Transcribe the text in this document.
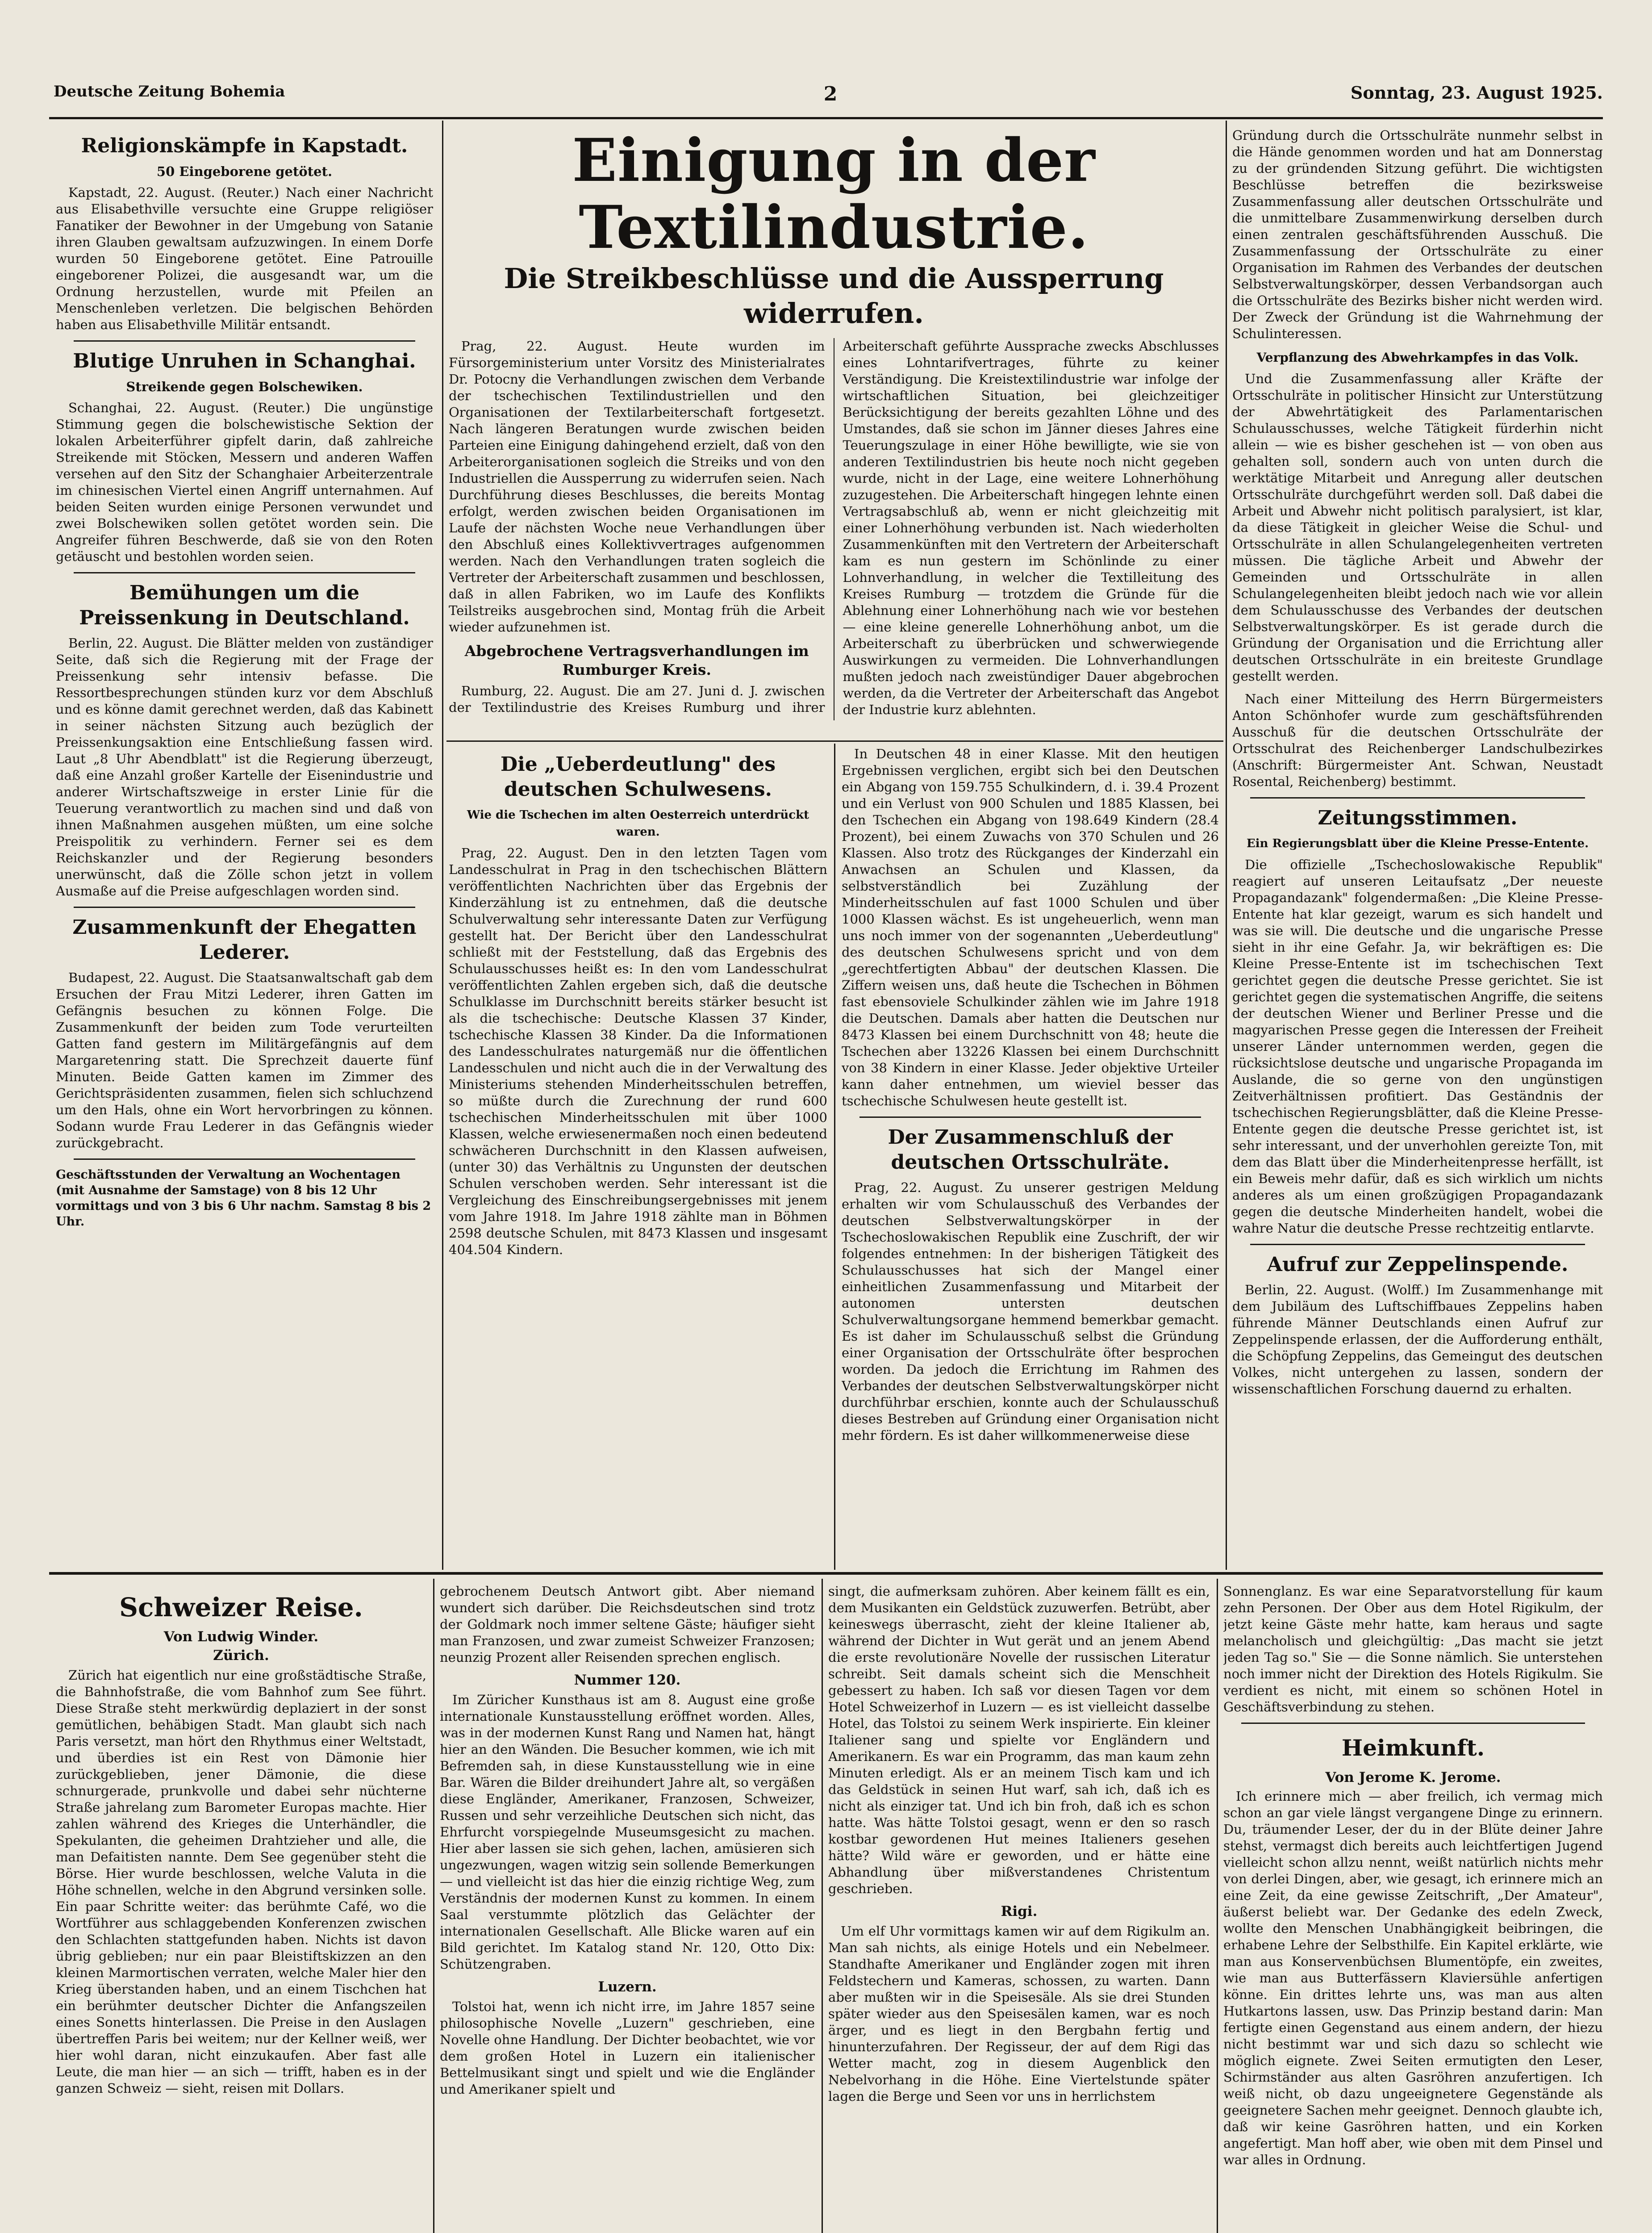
Deutsche Zeitung Bohemia	2	Sonntag, 23. August 1925.
Religionskämpfe in Kapstadt.
50 Eingeborene getötet.

Kapstadt, 22. August. (Reuter.) Nach einer Nachricht aus Elisabethville versuchte eine Gruppe religiöser Fanatiker der Bewohner in der Umgebung von Satanie ihren Glauben gewaltsam aufzuzwingen. In einem Dorfe wurden 50 Eingeborene getötet. Eine Patrouille eingeborener Polizei, die ausgesandt war, um die Ordnung herzustellen, wurde mit Pfeilen an Menschenleben verletzen. Die belgischen Behörden haben aus Elisabethville Militär entsandt.

Blutige Unruhen in Schanghai.
Streikende gegen Bolschewiken.

Schanghai, 22. August. (Reuter.) Die ungünstige Stimmung gegen die bolschewistische Sektion der lokalen Arbeiterführer gipfelt darin, daß zahlreiche Streikende mit Stöcken, Messern und anderen Waffen versehen auf den Sitz der Schanghaier Arbeiterzentrale im chinesischen Viertel einen Angriff unternahmen. Auf beiden Seiten wurden einige Personen verwundet und zwei Bolschewiken sollen getötet worden sein. Die Angreifer führen Beschwerde, daß sie von den Roten getäuscht und bestohlen worden seien.

Bemühungen um die Preissenkung in Deutschland.

Berlin, 22. August. Die Blätter melden von zuständiger Seite, daß sich die Regierung mit der Frage der Preissenkung sehr intensiv befasse. Die Ressortbesprechungen stünden kurz vor dem Abschluß und es könne damit gerechnet werden, daß das Kabinett in seiner nächsten Sitzung auch bezüglich der Preissenkungsaktion eine Entschließung fassen wird. Laut „8 Uhr Abendblatt" ist die Regierung überzeugt, daß eine Anzahl großer Kartelle der Eisenindustrie und anderer Wirtschaftszweige in erster Linie für die Teuerung verantwortlich zu machen sind und daß von ihnen Maßnahmen ausgehen müßten, um eine solche Preispolitik zu verhindern. Ferner sei es dem Reichskanzler und der Regierung besonders unerwünscht, daß die Zölle schon jetzt in vollem Ausmaße auf die Preise aufgeschlagen worden sind.

Zusammenkunft der Ehegatten Lederer.

Budapest, 22. August. Die Staatsanwaltschaft gab dem Ersuchen der Frau Mitzi Lederer, ihren Gatten im Gefängnis besuchen zu können Folge. Die Zusammenkunft der beiden zum Tode verurteilten Gatten fand gestern im Militärgefängnis auf dem Margaretenring statt. Die Sprechzeit dauerte fünf Minuten. Beide Gatten kamen im Zimmer des Gerichtspräsidenten zusammen, fielen sich schluchzend um den Hals, ohne ein Wort hervorbringen zu können. Sodann wurde Frau Lederer in das Gefängnis wieder zurückgebracht.

Geschäftsstunden der Verwaltung an Wochentagen (mit Ausnahme der Samstage) von 8 bis 12 Uhr vormittags und von 3 bis 6 Uhr nachm. Samstag 8 bis 2 Uhr.
Einigung in der Textilindustrie.
Die Streikbeschlüsse und die Aussperrung widerrufen.

Prag, 22. August. Heute wurden im Fürsorgeministerium unter Vorsitz des Ministerialrates Dr. Potocny die Verhandlungen zwischen dem Verbande der tschechischen Textilindustriellen und den Organisationen der Textilarbeiterschaft fortgesetzt. Nach längeren Beratungen wurde zwischen beiden Parteien eine Einigung dahingehend erzielt, daß von den Arbeiterorganisationen sogleich die Streiks und von den Industriellen die Aussperrung zu widerrufen seien. Nach Durchführung dieses Beschlusses, die bereits Montag erfolgt, werden zwischen beiden Organisationen im Laufe der nächsten Woche neue Verhandlungen über den Abschluß eines Kollektivvertrages aufgenommen werden. Nach den Verhandlungen traten sogleich die Vertreter der Arbeiterschaft zusammen und beschlossen, daß in allen Fabriken, wo im Laufe des Konflikts Teilstreiks ausgebrochen sind, Montag früh die Arbeit wieder aufzunehmen ist.

Abgebrochene Vertragsverhandlungen im Rumburger Kreis.

Rumburg, 22. August. Die am 27. Juni d. J. zwischen der Textilindustrie des Kreises Rumburg und ihrer Arbeiterschaft geführte Aussprache zwecks Abschlusses eines Lohntarifvertrages, führte zu keiner Verständigung. Die Kreistextilindustrie war infolge der wirtschaftlichen Situation, bei gleichzeitiger Berücksichtigung der bereits gezahlten Löhne und des Umstandes, daß sie schon im Jänner dieses Jahres eine Teuerungszulage in einer Höhe bewilligte, wie sie von anderen Textilindustrien bis heute noch nicht gegeben wurde, nicht in der Lage, eine weitere Lohnerhöhung zuzugestehen. Die Arbeiterschaft hingegen lehnte einen Vertragsabschluß ab, wenn er nicht gleichzeitig mit einer Lohnerhöhung verbunden ist. Nach wiederholten Zusammenkünften mit den Vertretern der Arbeiterschaft kam es nun gestern im Schönlinde zu einer Lohnverhandlung, in welcher die Textilleitung des Kreises Rumburg — trotzdem die Gründe für die Ablehnung einer Lohnerhöhung nach wie vor bestehen — eine kleine generelle Lohnerhöhung anbot, um die Arbeiterschaft zu überbrücken und schwerwiegende Auswirkungen zu vermeiden. Die Lohnverhandlungen mußten jedoch nach zweistündiger Dauer abgebrochen werden, da die Vertreter der Arbeiterschaft das Angebot der Industrie kurz ablehnten.

Die „Ueberdeutlung" des deutschen Schulwesens.
Wie die Tschechen im alten Oesterreich unterdrückt waren.

Prag, 22. August. Den in den letzten Tagen vom Landesschulrat in Prag in den tschechischen Blättern veröffentlichten Nachrichten über das Ergebnis der Kinderzählung ist zu entnehmen, daß die deutsche Schulverwaltung sehr interessante Daten zur Verfügung gestellt hat. Der Bericht über den Landesschulrat schließt mit der Feststellung, daß das Ergebnis des Schulausschusses heißt es: In den vom Landesschulrat veröffentlichten Zahlen ergeben sich, daß die deutsche Schulklasse im Durchschnitt bereits stärker besucht ist als die tschechische: Deutsche Klassen 37 Kinder, tschechische Klassen 38 Kinder. Da die Informationen des Landesschulrates naturgemäß nur die öffentlichen Landesschulen und nicht auch die in der Verwaltung des Ministeriums stehenden Minderheitsschulen betreffen, so müßte durch die Zurechnung der rund 600 tschechischen Minderheitsschulen mit über 1000 Klassen, welche erwiesenermaßen noch einen bedeutend schwächeren Durchschnitt in den Klassen aufweisen, (unter 30) das Verhältnis zu Ungunsten der deutschen Schulen verschoben werden. Sehr interessant ist die Vergleichung des Einschreibungsergebnisses mit jenem vom Jahre 1918. Im Jahre 1918 zählte man in Böhmen 2598 deutsche Schulen, mit 8473 Klassen und insgesamt 404.504 Kindern.

In Deutschen 48 in einer Klasse. Mit den heutigen Ergebnissen verglichen, ergibt sich bei den Deutschen ein Abgang von 159.755 Schulkindern, d. i. 39.4 Prozent und ein Verlust von 900 Schulen und 1885 Klassen, bei den Tschechen ein Abgang von 198.649 Kindern (28.4 Prozent), bei einem Zuwachs von 370 Schulen und 26 Klassen. Also trotz des Rückganges der Kinderzahl ein Anwachsen an Schulen und Klassen, da selbstverständlich bei Zuzählung der Minderheitsschulen auf fast 1000 Schulen und über 1000 Klassen wächst. Es ist ungeheuerlich, wenn man uns noch immer von der sogenannten „Ueberdeutlung" des deutschen Schulwesens spricht und von dem „gerechtfertigten Abbau" der deutschen Klassen. Die Ziffern weisen uns, daß heute die Tschechen in Böhmen fast ebensoviele Schulkinder zählen wie im Jahre 1918 die Deutschen. Damals aber hatten die Deutschen nur 8473 Klassen bei einem Durchschnitt von 48; heute die Tschechen aber 13226 Klassen bei einem Durchschnitt von 38 Kindern in einer Klasse. Jeder objektive Urteiler kann daher entnehmen, um wieviel besser das tschechische Schulwesen heute gestellt ist.

Der Zusammenschluß der deutschen Ortsschulräte.

Prag, 22. August. Zu unserer gestrigen Meldung erhalten wir vom Schulausschuß des Verbandes der deutschen Selbstverwaltungskörper in der Tschechoslowakischen Republik eine Zuschrift, der wir folgendes entnehmen: In der bisherigen Tätigkeit des Schulausschusses hat sich der Mangel einer einheitlichen Zusammenfassung und Mitarbeit der autonomen untersten deutschen Schulverwaltungsorgane hemmend bemerkbar gemacht. Es ist daher im Schulausschuß selbst die Gründung einer Organisation der Ortsschulräte öfter besprochen worden. Da jedoch die Errichtung im Rahmen des Verbandes der deutschen Selbstverwaltungskörper nicht durchführbar erschien, konnte auch der Schulausschuß dieses Bestreben auf Gründung einer Organisation nicht mehr fördern. Es ist daher willkommenerweise diese

Gründung durch die Ortsschulräte nunmehr selbst in die Hände genommen worden und hat am Donnerstag zu der gründenden Sitzung geführt. Die wichtigsten Beschlüsse betreffen die bezirksweise Zusammenfassung aller deutschen Ortsschulräte und die unmittelbare Zusammenwirkung derselben durch einen zentralen geschäftsführenden Ausschuß. Die Zusammenfassung der Ortsschulräte zu einer Organisation im Rahmen des Verbandes der deutschen Selbstverwaltungskörper, dessen Verbandsorgan auch die Ortsschulräte des Bezirks bisher nicht werden wird. Der Zweck der Gründung ist die Wahrnehmung der Schulinteressen.

Verpflanzung des Abwehrkampfes in das Volk.

Und die Zusammenfassung aller Kräfte der Ortsschulräte in politischer Hinsicht zur Unterstützung der Abwehrtätigkeit des Parlamentarischen Schulausschusses, welche Tätigkeit fürderhin nicht allein — wie es bisher geschehen ist — von oben aus gehalten soll, sondern auch von unten durch die werktätige Mitarbeit und Anregung aller deutschen Ortsschulräte durchgeführt werden soll. Daß dabei die Arbeit und Abwehr nicht politisch paralysiert, ist klar, da diese Tätigkeit in gleicher Weise die Schul- und Ortsschulräte in allen Schulangelegenheiten vertreten müssen. Die tägliche Arbeit und Abwehr der Gemeinden und Ortsschulräte in allen Schulangelegenheiten bleibt jedoch nach wie vor allein dem Schulausschusse des Verbandes der deutschen Selbstverwaltungskörper. Es ist gerade durch die Gründung der Organisation und die Errichtung aller deutschen Ortsschulräte in ein breiteste Grundlage gestellt werden.

Nach einer Mitteilung des Herrn Bürgermeisters Anton Schönhofer wurde zum geschäftsführenden Ausschuß für die deutschen Ortsschulräte der Ortsschulrat des Reichenberger Landschulbezirkes (Anschrift: Bürgermeister Ant. Schwan, Neustadt Rosental, Reichenberg) bestimmt.

Zeitungsstimmen.
Ein Regierungsblatt über die Kleine Presse-Entente.

Die offizielle „Tschechoslowakische Republik" reagiert auf unseren Leitaufsatz „Der neueste Propagandazank" folgendermaßen: „Die Kleine Presse-Entente hat klar gezeigt, warum es sich handelt und was sie will. Die deutsche und die ungarische Presse sieht in ihr eine Gefahr. Ja, wir bekräftigen es: Die Kleine Presse-Entente ist im tschechischen Text gerichtet gegen die deutsche Presse gerichtet. Sie ist gerichtet gegen die systematischen Angriffe, die seitens der deutschen Wiener und Berliner Presse und die magyarischen Presse gegen die Interessen der Freiheit unserer Länder unternommen werden, gegen die rücksichtslose deutsche und ungarische Propaganda im Auslande, die so gerne von den ungünstigen Zeitverhältnissen profitiert. Das Geständnis der tschechischen Regierungsblätter, daß die Kleine Presse-Entente gegen die deutsche Presse gerichtet ist, ist sehr interessant, und der unverhohlen gereizte Ton, mit dem das Blatt über die Minderheitenpresse herfällt, ist ein Beweis mehr dafür, daß es sich wirklich um nichts anderes als um einen großzügigen Propagandazank gegen die deutsche Minderheiten handelt, wobei die wahre Natur die deutsche Presse rechtzeitig entlarvte.

Aufruf zur Zeppelinspende.

Berlin, 22. August. (Wolff.) Im Zusammenhange mit dem Jubiläum des Luftschiffbaues Zeppelins haben führende Männer Deutschlands einen Aufruf zur Zeppelinspende erlassen, der die Aufforderung enthält, die Schöpfung Zeppelins, das Gemeingut des deutschen Volkes, nicht untergehen zu lassen, sondern der wissenschaftlichen Forschung dauernd zu erhalten.

Schweizer Reise.
Von Ludwig Winder.
Zürich.

Zürich hat eigentlich nur eine großstädtische Straße, die Bahnhofstraße, die vom Bahnhof zum See führt. Diese Straße steht merkwürdig deplaziert in der sonst gemütlichen, behäbigen Stadt. Man glaubt sich nach Paris versetzt, man hört den Rhythmus einer Weltstadt, und überdies ist ein Rest von Dämonie hier zurückgeblieben, jener Dämonie, die diese schnurgerade, prunkvolle und dabei sehr nüchterne Straße jahrelang zum Barometer Europas machte. Hier zahlen während des Krieges die Unterhändler, die Spekulanten, die geheimen Drahtzieher und alle, die man Defaitisten nannte. Dem See gegenüber steht die Börse. Hier wurde beschlossen, welche Valuta in die Höhe schnellen, welche in den Abgrund versinken solle. Ein paar Schritte weiter: das berühmte Café, wo die Wortführer aus schlaggebenden Konferenzen zwischen den Schlachten stattgefunden haben. Nichts ist davon übrig geblieben; nur ein paar Bleistiftskizzen an den kleinen Marmortischen verraten, welche Maler hier den Krieg überstanden haben, und an einem Tischchen hat ein berühmter deutscher Dichter die Anfangszeilen eines Sonetts hinterlassen. Die Preise in den Auslagen übertreffen Paris bei weitem; nur der Kellner weiß, wer hier wohl daran, nicht einzukaufen. Aber fast alle Leute, die man hier — an sich — trifft, haben es in der ganzen Schweiz — sieht, reisen mit Dollars.

gebrochenem Deutsch Antwort gibt. Aber niemand wundert sich darüber. Die Reichsdeutschen sind trotz der Goldmark noch immer seltene Gäste; häufiger sieht man Franzosen, und zwar zumeist Schweizer Franzosen; neunzig Prozent aller Reisenden sprechen englisch.

Nummer 120.

Im Züricher Kunsthaus ist am 8. August eine große internationale Kunstausstellung eröffnet worden. Alles, was in der modernen Kunst Rang und Namen hat, hängt hier an den Wänden. Die Besucher kommen, wie ich mit Befremden sah, in diese Kunstausstellung wie in eine Bar. Wären die Bilder dreihundert Jahre alt, so vergäßen diese Engländer, Amerikaner, Franzosen, Schweizer, Russen und sehr verzeihliche Deutschen sich nicht, das Ehrfurcht vorspiegelnde Museumsgesicht zu machen. Hier aber lassen sie sich gehen, lachen, amüsieren sich ungezwungen, wagen witzig sein sollende Bemerkungen — und vielleicht ist das hier die einzig richtige Weg, zum Verständnis der modernen Kunst zu kommen. In einem Saal verstummte plötzlich das Gelächter der internationalen Gesellschaft. Alle Blicke waren auf ein Bild gerichtet. Im Katalog stand Nr. 120, Otto Dix: Schützengraben.

Luzern.

Tolstoi hat, wenn ich nicht irre, im Jahre 1857 seine philosophische Novelle „Luzern" geschrieben, eine Novelle ohne Handlung. Der Dichter beobachtet, wie vor dem großen Hotel in Luzern ein italienischer Bettelmusikant singt und spielt und wie die Engländer und Amerikaner spielt und

singt, die aufmerksam zuhören. Aber keinem fällt es ein, dem Musikanten ein Geldstück zuzuwerfen. Betrübt, aber keineswegs überrascht, zieht der kleine Italiener ab, während der Dichter in Wut gerät und an jenem Abend die erste revolutionäre Novelle der russischen Literatur schreibt. Seit damals scheint sich die Menschheit gebessert zu haben. Ich saß vor diesen Tagen vor dem Hotel Schweizerhof in Luzern — es ist vielleicht dasselbe Hotel, das Tolstoi zu seinem Werk inspirierte. Ein kleiner Italiener sang und spielte vor Engländern und Amerikanern. Es war ein Programm, das man kaum zehn Minuten erledigt. Als er an meinem Tisch kam und ich das Geldstück in seinen Hut warf, sah ich, daß ich es nicht als einziger tat. Und ich bin froh, daß ich es schon hatte. Was hätte Tolstoi gesagt, wenn er den so rasch kostbar gewordenen Hut meines Italieners gesehen hätte? Wild wäre er geworden, und er hätte eine Abhandlung über mißverstandenes Christentum geschrieben.

Rigi.

Um elf Uhr vormittags kamen wir auf dem Rigikulm an. Man sah nichts, als einige Hotels und ein Nebelmeer. Standhafte Amerikaner und Engländer zogen mit ihren Feldstechern und Kameras, schossen, zu warten. Dann aber mußten wir in die Speisesäle. Als sie drei Stunden später wieder aus den Speisesälen kamen, war es noch ärger, und es liegt in den Bergbahn fertig und hinunterzufahren. Der Regisseur, der auf dem Rigi das Wetter macht, zog in diesem Augenblick den Nebelvorhang in die Höhe. Eine Viertelstunde später lagen die Berge und Seen vor uns in herrlichstem

Sonnenglanz. Es war eine Separatvorstellung für kaum zehn Personen. Der Ober aus dem Hotel Rigikulm, der jetzt keine Gäste mehr hatte, kam heraus und sagte melancholisch und gleichgültig: „Das macht sie jetzt jeden Tag so." Sie — die Sonne nämlich. Sie unterstehen noch immer nicht der Direktion des Hotels Rigikulm. Sie verdient es nicht, mit einem so schönen Hotel in Geschäftsverbindung zu stehen.

Heimkunft.
Von Jerome K. Jerome.

Ich erinnere mich — aber freilich, ich vermag mich schon an gar viele längst vergangene Dinge zu erinnern. Du, träumender Leser, der du in der Blüte deiner Jahre stehst, vermagst dich bereits auch leichtfertigen Jugend vielleicht schon allzu nennt, weißt natürlich nichts mehr von derlei Dingen, aber, wie gesagt, ich erinnere mich an eine Zeit, da eine gewisse Zeitschrift, „Der Amateur", äußerst beliebt war. Der Gedanke des edeln Zweck, wollte den Menschen Unabhängigkeit beibringen, die erhabene Lehre der Selbsthilfe. Ein Kapitel erklärte, wie man aus Konservenbüchsen Blumentöpfe, ein zweites, wie man aus Butterfässern Klaviersühle anfertigen könne. Ein drittes lehrte uns, was man aus alten Hutkartons lassen, usw. Das Prinzip bestand darin: Man fertigte einen Gegenstand aus einem andern, der hiezu nicht bestimmt war und sich dazu so schlecht wie möglich eignete. Zwei Seiten ermutigten den Leser, Schirmständer aus alten Gasröhren anzufertigen. Ich weiß nicht, ob dazu ungeeignetere Gegenstände als geeignetere Sachen mehr geeignet. Dennoch glaubte ich, daß wir keine Gasröhren hatten, und ein Korken angefertigt. Man hoff aber, wie oben mit dem Pinsel und war alles in Ordnung.
